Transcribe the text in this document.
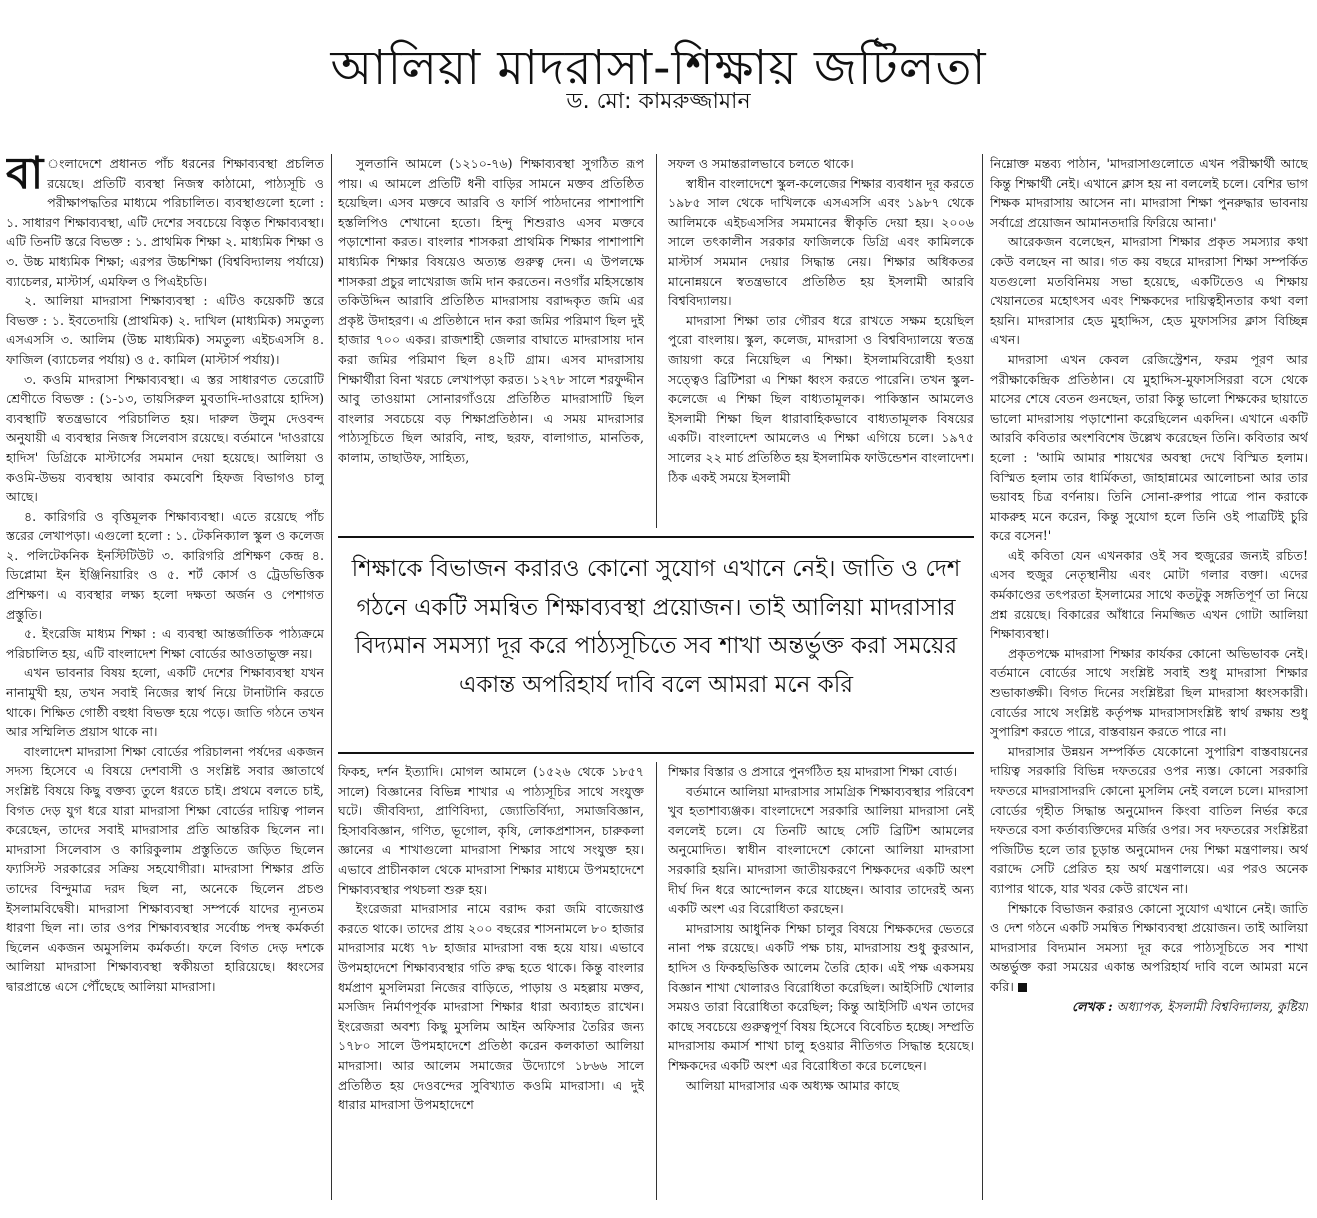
আলিয়া মাদরাসা-শিক্ষায় জটিলতা
ড. মো: কামরুজ্জামান

বা ংলাদেশে প্রধানত পাঁচ ধরনের শিক্ষাব্যবস্থা প্রচলিত রয়েছে। প্রতিটি ব্যবস্থা নিজস্ব কাঠামো, পাঠ্যসূচি ও পরীক্ষাপদ্ধতির মাধ্যমে পরিচালিত। ব্যবস্থাগুলো হলো : ১. সাধারণ শিক্ষাব্যবস্থা, এটি দেশের সবচেয়ে বিস্তৃত শিক্ষাব্যবস্থা। এটি তিনটি স্তরে বিভক্ত : ১. প্রাথমিক শিক্ষা ২. মাধ্যমিক শিক্ষা ও ৩. উচ্চ মাধ্যমিক শিক্ষা; এরপর উচ্চশিক্ষা (বিশ্ববিদ্যালয় পর্যায়ে) ব্যাচেলর, মাস্টার্স, এমফিল ও পিএইচডি।

২. আলিয়া মাদরাসা শিক্ষাব্যবস্থা : এটিও কয়েকটি স্তরে বিভক্ত : ১. ইবতেদায়ি (প্রাথমিক) ২. দাখিল (মাধ্যমিক) সমতুল্য এসএসসি ৩. আলিম (উচ্চ মাধ্যমিক) সমতুল্য এইচএসসি ৪. ফাজিল (ব্যাচেলর পর্যায়) ও ৫. কামিল (মাস্টার্স পর্যায়)।

৩. কওমি মাদরাসা শিক্ষাব্যবস্থা। এ স্তর সাধারণত তেরোটি শ্রেণীতে বিভক্ত : (১-১৩, তায়সিরুল মুবতাদি-দাওরায়ে হাদিস) ব্যবস্থাটি স্বতন্ত্রভাবে পরিচালিত হয়। দারুল উলুম দেওবন্দ অনুযায়ী এ ব্যবস্থার নিজস্ব সিলেবাস রয়েছে। বর্তমানে 'দাওরায়ে হাদিস' ডিগ্রিকে মাস্টার্সের সমমান দেয়া হয়েছে। আলিয়া ও কওমি-উভয় ব্যবস্থায় আবার কমবেশি হিফজ বিভাগও চালু আছে।

৪. কারিগরি ও বৃত্তিমূলক শিক্ষাব্যবস্থা। এতে রয়েছে পাঁচ স্তরের লেখাপড়া। এগুলো হলো : ১. টেকনিক্যাল স্কুল ও কলেজ ২. পলিটেকনিক ইনস্টিটিউট ৩. কারিগরি প্রশিক্ষণ কেন্দ্র ৪. ডিপ্লোমা ইন ইঞ্জিনিয়ারিং ও ৫. শর্ট কোর্স ও ট্রেডভিত্তিক প্রশিক্ষণ। এ ব্যবস্থার লক্ষ্য হলো দক্ষতা অর্জন ও পেশাগত প্রস্তুতি।

৫. ইংরেজি মাধ্যম শিক্ষা : এ ব্যবস্থা আন্তর্জাতিক পাঠ্যক্রমে পরিচালিত হয়, এটি বাংলাদেশ শিক্ষা বোর্ডের আওতাভুক্ত নয়।

এখন ভাবনার বিষয় হলো, একটি দেশের শিক্ষাব্যবস্থা যখন নানামুখী হয়, তখন সবাই নিজের স্বার্থ নিয়ে টানাটানি করতে থাকে। শিক্ষিত গোষ্ঠী বহুধা বিভক্ত হয়ে পড়ে। জাতি গঠনে তখন আর সম্মিলিত প্রয়াস থাকে না।

বাংলাদেশ মাদরাসা শিক্ষা বোর্ডের পরিচালনা পর্ষদের একজন সদস্য হিসেবে এ বিষয়ে দেশবাসী ও সংশ্লিষ্ট সবার জ্ঞাতার্থে সংশ্লিষ্ট বিষয়ে কিছু বক্তব্য তুলে ধরতে চাই। প্রথমে বলতে চাই, বিগত দেড় যুগ ধরে যারা মাদরাসা শিক্ষা বোর্ডের দায়িত্ব পালন করেছেন, তাদের সবাই মাদরাসার প্রতি আন্তরিক ছিলেন না। মাদরাসা সিলেবাস ও কারিকুলাম প্রস্তুতিতে জড়িত ছিলেন ফ্যাসিস্ট সরকারের সক্রিয় সহযোগীরা। মাদরাসা শিক্ষার প্রতি তাদের বিন্দুমাত্র দরদ ছিল না, অনেকে ছিলেন প্রচণ্ড ইসলামবিদ্বেষী। মাদরাসা শিক্ষাব্যবস্থা সম্পর্কে যাদের ন্যূনতম ধারণা ছিল না। তার ওপর শিক্ষাব্যবস্থার সর্বোচ্চ পদস্থ কর্মকর্তা ছিলেন একজন অমুসলিম কর্মকর্তা। ফলে বিগত দেড় দশকে আলিয়া মাদরাসা শিক্ষাব্যবস্থা স্বকীয়তা হারিয়েছে। ধ্বংসের দ্বারপ্রান্তে এসে পৌঁছেছে আলিয়া মাদরাসা।

সুলতানি আমলে (১২১০-৭৬) শিক্ষাব্যবস্থা সুগঠিত রূপ পায়। এ আমলে প্রতিটি ধনী বাড়ির সামনে মক্তব প্রতিষ্ঠিত হয়েছিল। এসব মক্তবে আরবি ও ফার্সি পাঠদানের পাশাপাশি হস্তলিপিও শেখানো হতো। হিন্দু শিশুরাও এসব মক্তবে পড়াশোনা করত। বাংলার শাসকরা প্রাথমিক শিক্ষার পাশাপাশি মাধ্যমিক শিক্ষার বিষয়েও অত্যন্ত গুরুত্ব দেন। এ উপলক্ষে শাসকরা প্রচুর লাখেরাজ জমি দান করতেন। নওগাঁর মহিসন্তোষ তকিউদ্দিন আরাবি প্রতিষ্ঠিত মাদরাসায় বরাদ্দকৃত জমি এর প্রকৃষ্ট উদাহরণ। এ প্রতিষ্ঠানে দান করা জমির পরিমাণ ছিল দুই হাজার ৭০০ একর। রাজশাহী জেলার বাঘাতে মাদরাসায় দান করা জমির পরিমাণ ছিল ৪২টি গ্রাম। এসব মাদরাসায় শিক্ষার্থীরা বিনা খরচে লেখাপড়া করত। ১২৭৮ সালে শরফুদ্দীন আবু তাওয়ামা সোনারগাঁওয়ে প্রতিষ্ঠিত মাদরাসাটি ছিল বাংলার সবচেয়ে বড় শিক্ষাপ্রতিষ্ঠান। এ সময় মাদরাসার পাঠ্যসূচিতে ছিল আরবি, নাহু, ছরফ, বালাগাত, মানতিক, কালাম, তাছাউফ, সাহিত্য,

সফল ও সমান্তরালভাবে চলতে থাকে।

স্বাধীন বাংলাদেশে স্কুল-কলেজের শিক্ষার ব্যবধান দূর করতে ১৯৮৫ সাল থেকে দাখিলকে এসএসসি এবং ১৯৮৭ থেকে আলিমকে এইচএসসির সমমানের স্বীকৃতি দেয়া হয়। ২০০৬ সালে তৎকালীন সরকার ফাজিলকে ডিগ্রি এবং কামিলকে মাস্টার্স সমমান দেয়ার সিদ্ধান্ত নেয়। শিক্ষার অধিকতর মানোন্নয়নে স্বতন্ত্রভাবে প্রতিষ্ঠিত হয় ইসলামী আরবি বিশ্ববিদ্যালয়।

মাদরাসা শিক্ষা তার গৌরব ধরে রাখতে সক্ষম হয়েছিল পুরো বাংলায়। স্কুল, কলেজ, মাদরাসা ও বিশ্ববিদ্যালয়ে স্বতন্ত্র জায়গা করে নিয়েছিল এ শিক্ষা। ইসলামবিরোধী হওয়া সত্ত্বেও ব্রিটিশরা এ শিক্ষা ধ্বংস করতে পারেনি। তখন স্কুল-কলেজে এ শিক্ষা ছিল বাধ্যতামূলক। পাকিস্তান আমলেও ইসলামী শিক্ষা ছিল ধারাবাহিকভাবে বাধ্যতামূলক বিষয়ের একটি। বাংলাদেশ আমলেও এ শিক্ষা এগিয়ে চলে। ১৯৭৫ সালের ২২ মার্চ প্রতিষ্ঠিত হয় ইসলামিক ফাউন্ডেশন বাংলাদেশ। ঠিক একই সময়ে ইসলামী

শিক্ষাকে বিভাজন করারও কোনো সুযোগ এখানে নেই। জাতি ও দেশ গঠনে একটি সমন্বিত শিক্ষাব্যবস্থা প্রয়োজন। তাই আলিয়া মাদরাসার বিদ্যমান সমস্যা দূর করে পাঠ্যসূচিতে সব শাখা অন্তর্ভুক্ত করা সময়ের একান্ত অপরিহার্য দাবি বলে আমরা মনে করি

ফিকহ, দর্শন ইত্যাদি। মোগল আমলে (১৫২৬ থেকে ১৮৫৭ সালে) বিজ্ঞানের বিভিন্ন শাখার এ পাঠ্যসূচির সাথে সংযুক্ত ঘটে। জীববিদ্যা, প্রাণিবিদ্যা, জ্যোতির্বিদ্যা, সমাজবিজ্ঞান, হিসাববিজ্ঞান, গণিত, ভূগোল, কৃষি, লোকপ্রশাসন, চারুকলা জ্ঞানের এ শাখাগুলো মাদরাসা শিক্ষার সাথে সংযুক্ত হয়। এভাবে প্রাচীনকাল থেকে মাদরাসা শিক্ষার মাধ্যমে উপমহাদেশে শিক্ষাব্যবস্থার পথচলা শুরু হয়।

ইংরেজরা মাদরাসার নামে বরাদ্দ করা জমি বাজেয়াপ্ত করতে থাকে। তাদের প্রায় ২০০ বছরের শাসনামলে ৮০ হাজার মাদরাসার মধ্যে ৭৮ হাজার মাদরাসা বন্ধ হয়ে যায়। এভাবে উপমহাদেশে শিক্ষাব্যবস্থার গতি রুদ্ধ হতে থাকে। কিন্তু বাংলার ধর্মপ্রাণ মুসলিমরা নিজের বাড়িতে, পাড়ায় ও মহল্লায় মক্তব, মসজিদ নির্মাণপূর্বক মাদরাসা শিক্ষার ধারা অব্যাহত রাখেন। ইংরেজরা অবশ্য কিছু মুসলিম আইন অফিসার তৈরির জন্য ১৭৮০ সালে উপমহাদেশে প্রতিষ্ঠা করেন কলকাতা আলিয়া মাদরাসা। আর আলেম সমাজের উদ্যোগে ১৮৬৬ সালে প্রতিষ্ঠিত হয় দেওবন্দের সুবিখ্যাত কওমি মাদরাসা। এ দুই ধারার মাদরাসা উপমহাদেশে

শিক্ষার বিস্তার ও প্রসারে পুনর্গঠিত হয় মাদরাসা শিক্ষা বোর্ড।

বর্তমানে আলিয়া মাদরাসার সামগ্রিক শিক্ষাব্যবস্থার পরিবেশ খুব হতাশাব্যঞ্জক। বাংলাদেশে সরকারি আলিয়া মাদরাসা নেই বললেই চলে। যে তিনটি আছে সেটি ব্রিটিশ আমলের অনুমোদিত। স্বাধীন বাংলাদেশে কোনো আলিয়া মাদরাসা সরকারি হয়নি। মাদরাসা জাতীয়করণে শিক্ষকদের একটি অংশ দীর্ঘ দিন ধরে আন্দোলন করে যাচ্ছেন। আবার তাদেরই অন্য একটি অংশ এর বিরোধিতা করছেন।

মাদরাসায় আধুনিক শিক্ষা চালুর বিষয়ে শিক্ষকদের ভেতরে নানা পক্ষ রয়েছে। একটি পক্ষ চায়, মাদরাসায় শুধু কুরআন, হাদিস ও ফিকহভিত্তিক আলেম তৈরি হোক। এই পক্ষ একসময় বিজ্ঞান শাখা খোলারও বিরোধিতা করেছিল। আইসিটি খোলার সময়ও তারা বিরোধিতা করেছিল; কিন্তু আইসিটি এখন তাদের কাছে সবচেয়ে গুরুত্বপূর্ণ বিষয় হিসেবে বিবেচিত হচ্ছে। সম্প্রতি মাদরাসায় কমার্স শাখা চালু হওয়ার নীতিগত সিদ্ধান্ত হয়েছে। শিক্ষকদের একটি অংশ এর বিরোধিতা করে চলেছেন।

আলিয়া মাদরাসার এক অধ্যক্ষ আমার কাছে

নিম্নোক্ত মন্তব্য পাঠান, 'মাদরাসাগুলোতে এখন পরীক্ষার্থী আছে কিন্তু শিক্ষার্থী নেই। এখানে ক্লাস হয় না বললেই চলে। বেশির ভাগ শিক্ষক মাদরাসায় আসেন না। মাদরাসা শিক্ষা পুনরুদ্ধার ভাবনায় সর্বাগ্রে প্রয়োজন আমানতদারি ফিরিয়ে আনা।'

আরেকজন বলেছেন, মাদরাসা শিক্ষার প্রকৃত সমস্যার কথা কেউ বলছেন না আর। গত কয় বছরে মাদরাসা শিক্ষা সম্পর্কিত যতগুলো মতবিনিময় সভা হয়েছে, একটিতেও এ শিক্ষায় খেয়ানতের মহোৎসব এবং শিক্ষকদের দায়িত্বহীনতার কথা বলা হয়নি। মাদরাসার হেড মুহাদ্দিস, হেড মুফাসসির ক্লাস বিচ্ছিন্ন এখন।

মাদরাসা এখন কেবল রেজিস্ট্রেশন, ফরম পূরণ আর পরীক্ষাকেন্দ্রিক প্রতিষ্ঠান। যে মুহাদ্দিস-মুফাসসিররা বসে থেকে মাসের শেষে বেতন গুনছেন, তারা কিন্তু ভালো শিক্ষকের ছায়াতে ভালো মাদরাসায় পড়াশোনা করেছিলেন একদিন। এখানে একটি আরবি কবিতার অংশবিশেষ উল্লেখ করেছেন তিনি। কবিতার অর্থ হলো : 'আমি আমার শায়খের অবস্থা দেখে বিস্মিত হলাম। বিস্মিত হলাম তার ধার্মিকতা, জাহান্নামের আলোচনা আর তার ভয়াবহ চিত্র বর্ণনায়। তিনি সোনা-রুপার পাত্রে পান করাকে মাকরুহ মনে করেন, কিন্তু সুযোগ হলে তিনি ওই পাত্রটিই চুরি করে বসেন!'

এই কবিতা যেন এখনকার ওই সব হুজুরের জন্যই রচিত! এসব হুজুর নেতৃস্থানীয় এবং মোটা গলার বক্তা। এদের কর্মকাণ্ডের তৎপরতা ইসলামের সাথে কতটুকু সঙ্গতিপূর্ণ তা নিয়ে প্রশ্ন রয়েছে। বিকারের আঁধারে নিমজ্জিত এখন গোটা আলিয়া শিক্ষাব্যবস্থা।

প্রকৃতপক্ষে মাদরাসা শিক্ষার কার্যকর কোনো অভিভাবক নেই। বর্তমানে বোর্ডের সাথে সংশ্লিষ্ট সবাই শুধু মাদরাসা শিক্ষার শুভাকাঙ্ক্ষী। বিগত দিনের সংশ্লিষ্টরা ছিল মাদরাসা ধ্বংসকারী। বোর্ডের সাথে সংশ্লিষ্ট কর্তৃপক্ষ মাদরাসাসংশ্লিষ্ট স্বার্থ রক্ষায় শুধু সুপারিশ করতে পারে, বাস্তবায়ন করতে পারে না।

মাদরাসার উন্নয়ন সম্পর্কিত যেকোনো সুপারিশ বাস্তবায়নের দায়িত্ব সরকারি বিভিন্ন দফতরের ওপর ন্যস্ত। কোনো সরকারি দফতরে মাদরাসাদরদি কোনো মুসলিম নেই বললে চলে। মাদরাসা বোর্ডের গৃহীত সিদ্ধান্ত অনুমোদন কিংবা বাতিল নির্ভর করে দফতরে বসা কর্তাব্যক্তিদের মর্জির ওপর। সব দফতরের সংশ্লিষ্টরা পজিটিভ হলে তার চূড়ান্ত অনুমোদন দেয় শিক্ষা মন্ত্রণালয়। অর্থ বরাদ্দে সেটি প্রেরিত হয় অর্থ মন্ত্রণালয়ে। এর পরও অনেক ব্যাপার থাকে, যার খবর কেউ রাখেন না।

শিক্ষাকে বিভাজন করারও কোনো সুযোগ এখানে নেই। জাতি ও দেশ গঠনে একটি সমন্বিত শিক্ষাব্যবস্থা প্রয়োজন। তাই আলিয়া মাদরাসার বিদ্যমান সমস্যা দূর করে পাঠ্যসূচিতে সব শাখা অন্তর্ভুক্ত করা সময়ের একান্ত অপরিহার্য দাবি বলে আমরা মনে করি।

লেখক : অধ্যাপক, ইসলামী বিশ্ববিদ্যালয়, কুষ্টিয়া
